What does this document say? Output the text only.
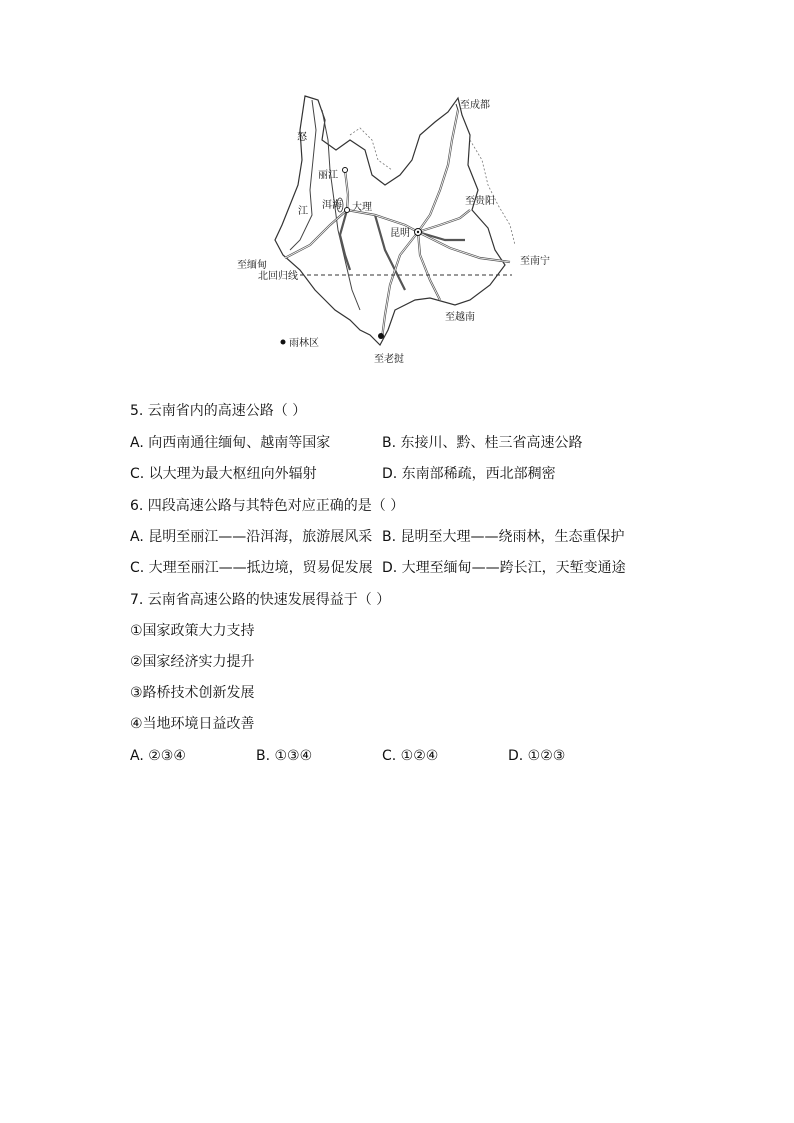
至成都
怒
丽江
洱海 大理
江
至贵阳
昆明
至缅甸
北回归线
至南宁
至越南
雨林区
至老挝
5. 云南省内的高速公路（ ）
A. 向西南通往缅甸、越南等国家	B. 东接川、黔、桂三省高速公路
C. 以大理为最大枢纽向外辐射	D. 东南部稀疏，西北部稠密
6. 四段高速公路与其特色对应正确的是（ ）
A. 昆明至丽江——沿洱海，旅游展风采 B. 昆明至大理——绕雨林，生态重保护
C. 大理至丽江——抵边境，贸易促发展 D. 大理至缅甸——跨长江，天堑变通途
7. 云南省高速公路的快速发展得益于（ ）
①国家政策大力支持
②国家经济实力提升
③路桥技术创新发展
④当地环境日益改善
A. ②③④	B. ①③④	C. ①②④	D. ①②③
